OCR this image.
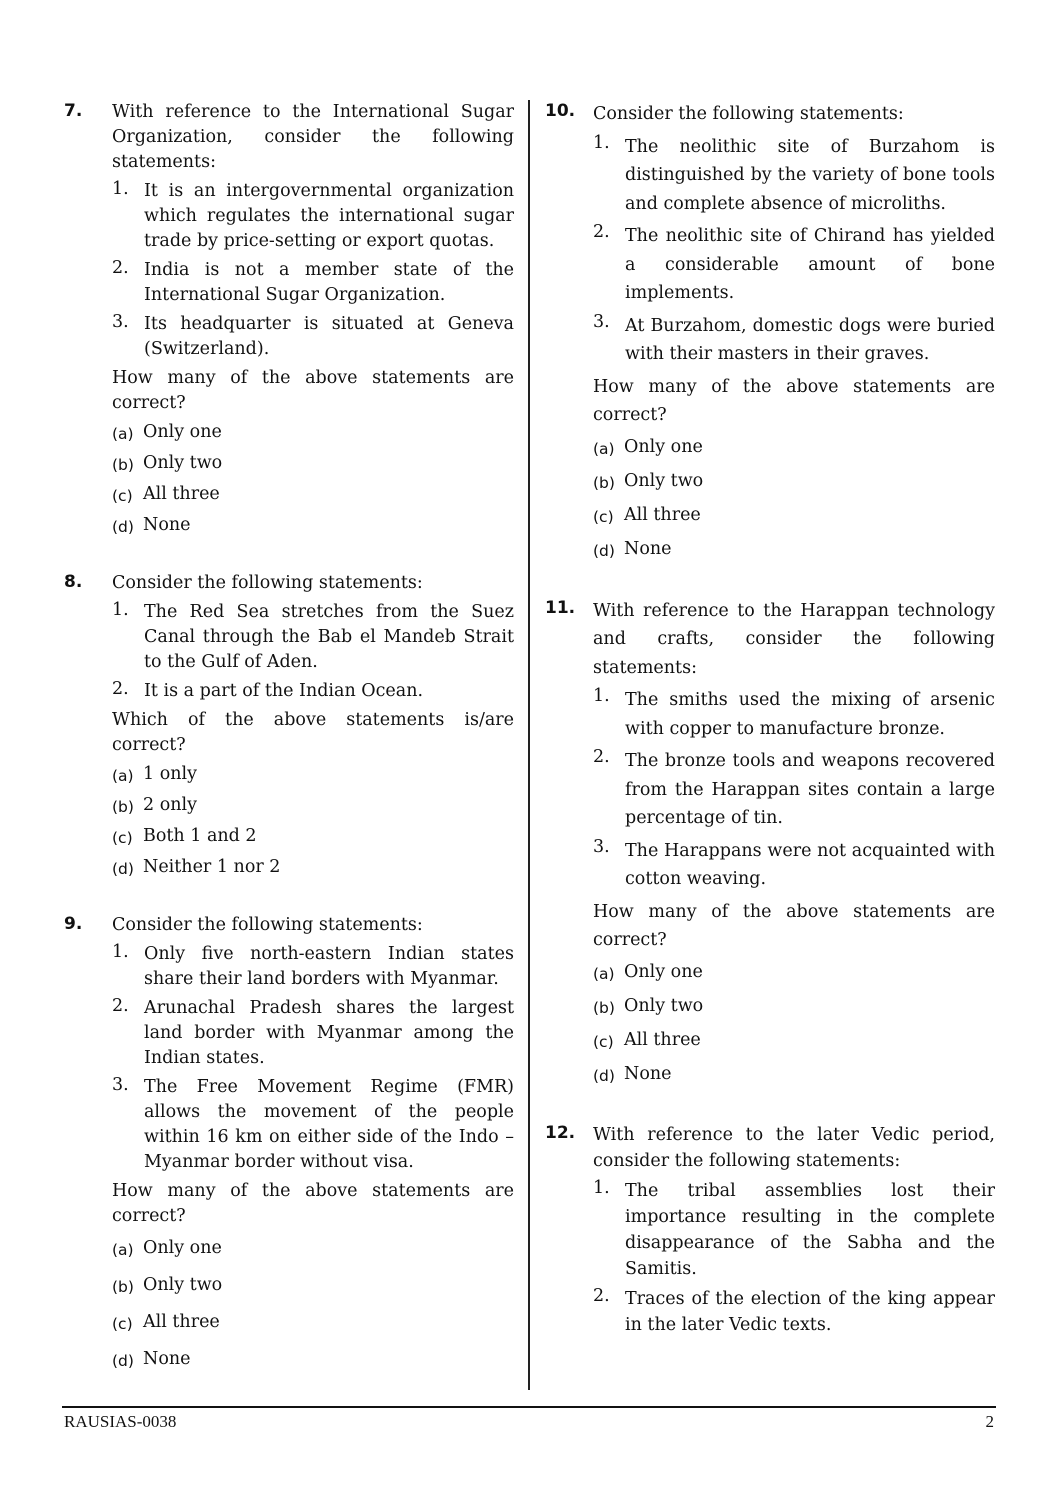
7.	With reference to the International Sugar Organization, consider the following statements:
1. It is an intergovernmental organization which regulates the international sugar trade by price-setting or export quotas.
2. India is not a member state of the International Sugar Organization.
3. Its headquarter is situated at Geneva (Switzerland).
How many of the above statements are correct?
(a) Only one
(b) Only two
(c) All three
(d) None
8.	Consider the following statements:
1. The Red Sea stretches from the Suez Canal through the Bab el Mandeb Strait to the Gulf of Aden.
2. It is a part of the Indian Ocean.
Which of the above statements is/are correct?
(a) 1 only
(b) 2 only
(c) Both 1 and 2
(d) Neither 1 nor 2
9.	Consider the following statements:
1. Only five north-eastern Indian states share their land borders with Myanmar.
2. Arunachal Pradesh shares the largest land border with Myanmar among the Indian states.
3. The Free Movement Regime (FMR) allows the movement of the people within 16 km on either side of the Indo – Myanmar border without visa.
How many of the above statements are correct?
(a) Only one
(b) Only two
(c) All three
(d) None
10.	Consider the following statements:
1. The neolithic site of Burzahom is distinguished by the variety of bone tools and complete absence of microliths.
2. The neolithic site of Chirand has yielded a considerable amount of bone implements.
3. At Burzahom, domestic dogs were buried with their masters in their graves.
How many of the above statements are correct?
(a) Only one
(b) Only two
(c) All three
(d) None
11.	With reference to the Harappan technology and crafts, consider the following statements:
1. The smiths used the mixing of arsenic with copper to manufacture bronze.
2. The bronze tools and weapons recovered from the Harappan sites contain a large percentage of tin.
3. The Harappans were not acquainted with cotton weaving.
How many of the above statements are correct?
(a) Only one
(b) Only two
(c) All three
(d) None
12.	With reference to the later Vedic period, consider the following statements:
1. The tribal assemblies lost their importance resulting in the complete disappearance of the Sabha and the Samitis.
2. Traces of the election of the king appear in the later Vedic texts.
RAUSIAS-0038	2
